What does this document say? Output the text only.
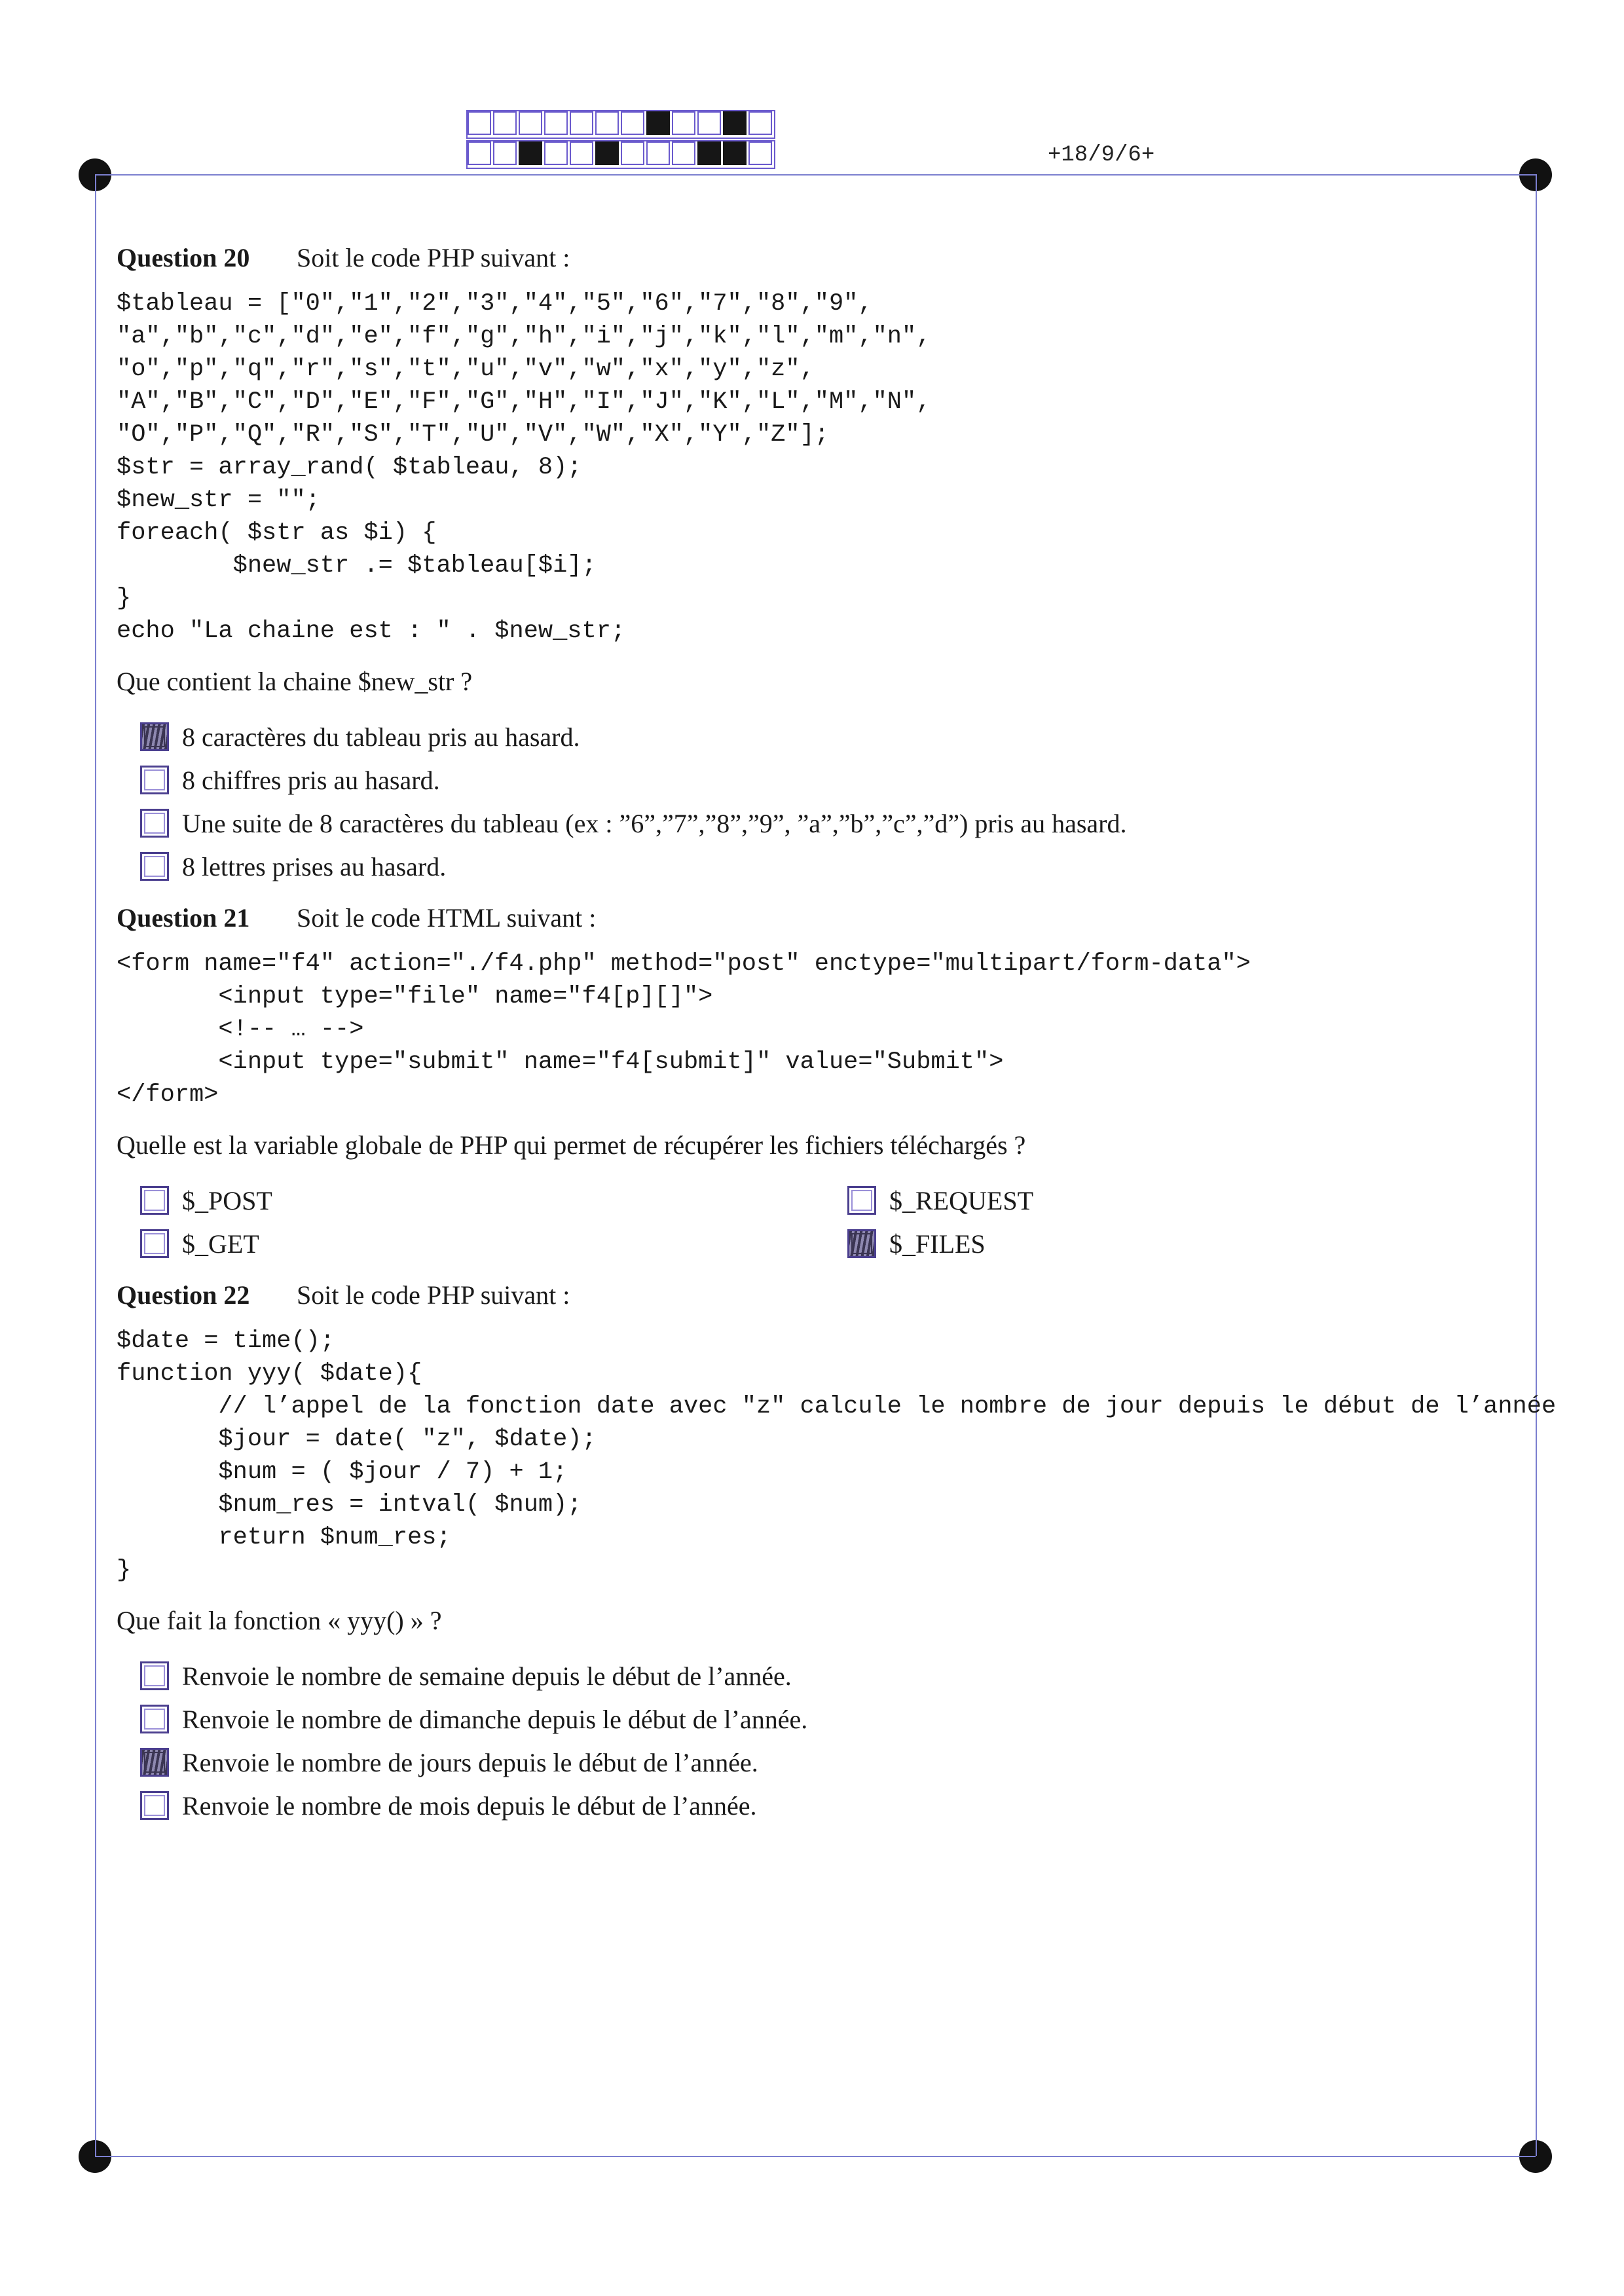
+18/9/6+

Question 20	Soit le code PHP suivant :

$tableau = ["0","1","2","3","4","5","6","7","8","9",
"a","b","c","d","e","f","g","h","i","j","k","l","m","n",
"o","p","q","r","s","t","u","v","w","x","y","z",
"A","B","C","D","E","F","G","H","I","J","K","L","M","N",
"O","P","Q","R","S","T","U","V","W","X","Y","Z"];
$str = array_rand( $tableau, 8);
$new_str = "";
foreach( $str as $i) {
$new_str .= $tableau[$i];
}
echo "La chaine est : " . $new_str;
Que contient la chaine $new_str ?
8 caractères du tableau pris au hasard.
8 chiffres pris au hasard.
Une suite de 8 caractères du tableau (ex : ”6”,”7”,”8”,”9”, ”a”,”b”,”c”,”d”) pris au hasard.
8 lettres prises au hasard.

Question 21	Soit le code HTML suivant :

<form name="f4" action="./f4.php" method="post" enctype="multipart/form-data">
<input type="file" name="f4[p][]">
<!-- … -->
<input type="submit" name="f4[submit]" value="Submit">
</form>
Quelle est la variable globale de PHP qui permet de récupérer les fichiers téléchargés ?
$_POST	$_REQUEST
$_GET	$_FILES

Question 22	Soit le code PHP suivant :

$date = time();
function yyy( $date){
// l’appel de la fonction date avec "z" calcule le nombre de jour depuis le début de l’année
$jour = date( "z", $date);
$num = ( $jour / 7) + 1;
$num_res = intval( $num);
return $num_res;
}
Que fait la fonction « yyy() » ?
Renvoie le nombre de semaine depuis le début de l’année.
Renvoie le nombre de dimanche depuis le début de l’année.
Renvoie le nombre de jours depuis le début de l’année.
Renvoie le nombre de mois depuis le début de l’année.
